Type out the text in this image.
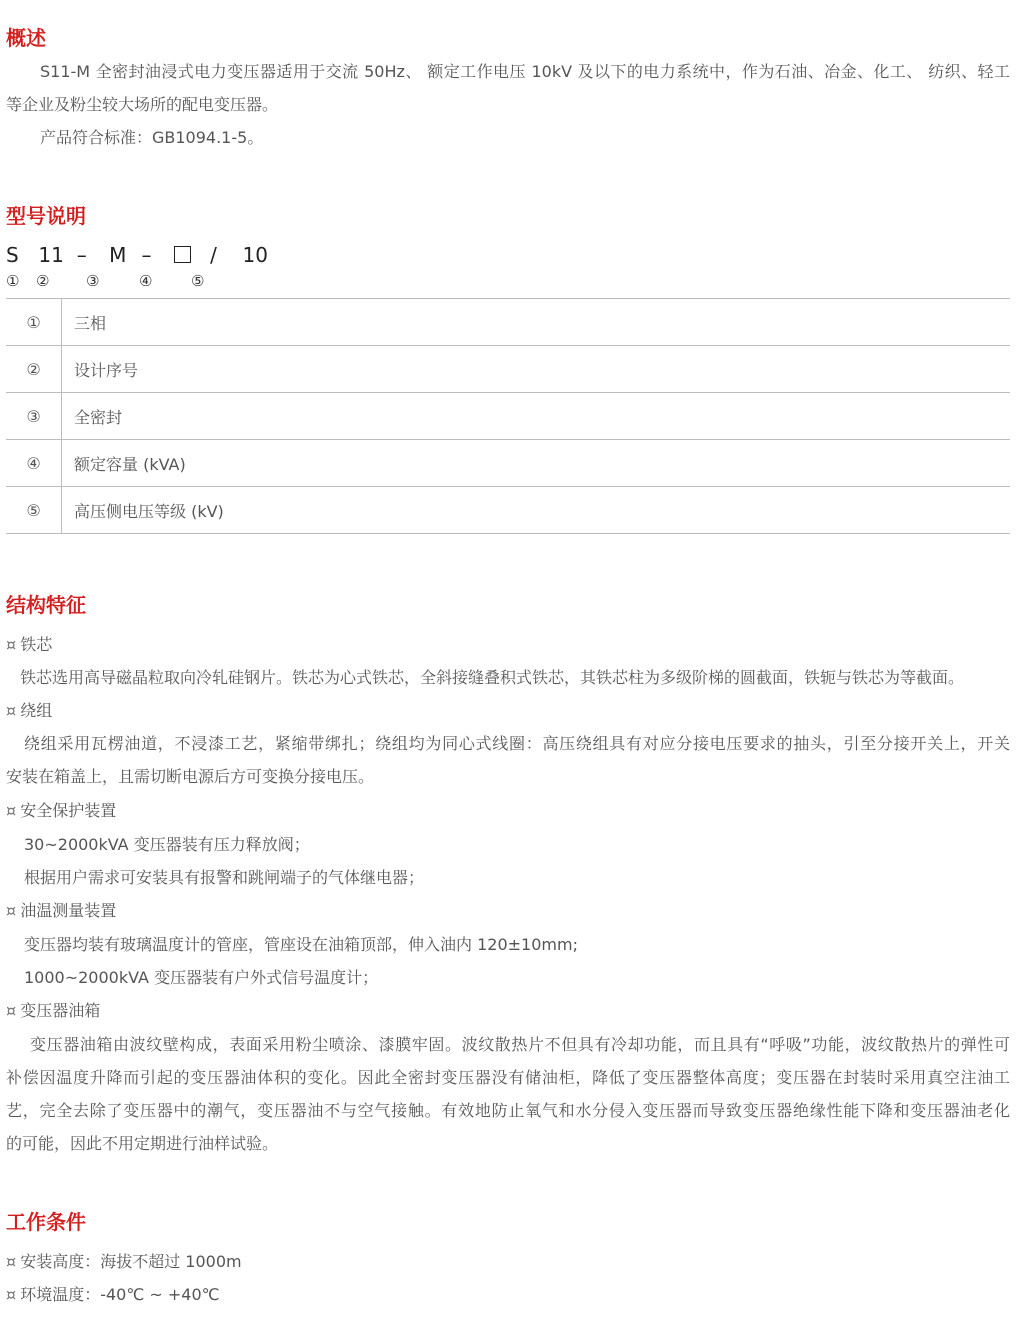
概述
S11-M 全密封油浸式电力变压器适用于交流 50Hz、 额定工作电压 10kV 及以下的电力系统中，作为石油、冶金、化工、 纺织、轻工
等企业及粉尘较大场所的配电变压器。
产品符合标准：GB1094.1-5。
型号说明
S 11 – M –	/ 10
① ② ③	④	⑤
①	三相
②	设计序号
③	全密封
④	额定容量 (kVA)
⑤	高压侧电压等级 (kV)
结构特征
¤ 铁芯
铁芯选用高导磁晶粒取向冷轧硅钢片。铁芯为心式铁芯，全斜接缝叠积式铁芯，其铁芯柱为多级阶梯的圆截面，铁轭与铁芯为等截面。
¤ 绕组
绕组采用瓦楞油道，不浸漆工艺，紧缩带绑扎；绕组均为同心式线圈：高压绕组具有对应分接电压要求的抽头，引至分接开关上，开关
安装在箱盖上，且需切断电源后方可变换分接电压。
¤ 安全保护装置
30~2000kVA 变压器装有压力释放阀；
根据用户需求可安装具有报警和跳闸端子的气体继电器；
¤ 油温测量装置
变压器均装有玻璃温度计的管座，管座设在油箱顶部，伸入油内 120±10mm;
1000~2000kVA 变压器装有户外式信号温度计；
¤ 变压器油箱
变压器油箱由波纹壁构成，表面采用粉尘喷涂、漆膜牢固。波纹散热片不但具有冷却功能，而且具有“呼吸”功能，波纹散热片的弹性可
补偿因温度升降而引起的变压器油体积的变化。因此全密封变压器没有储油柜，降低了变压器整体高度；变压器在封装时采用真空注油工
艺，完全去除了变压器中的潮气，变压器油不与空气接触。有效地防止氧气和水分侵入变压器而导致变压器绝缘性能下降和变压器油老化
的可能，因此不用定期进行油样试验。
工作条件
¤ 安装高度：海拔不超过 1000m
¤ 环境温度：-40℃ ~ +40℃
